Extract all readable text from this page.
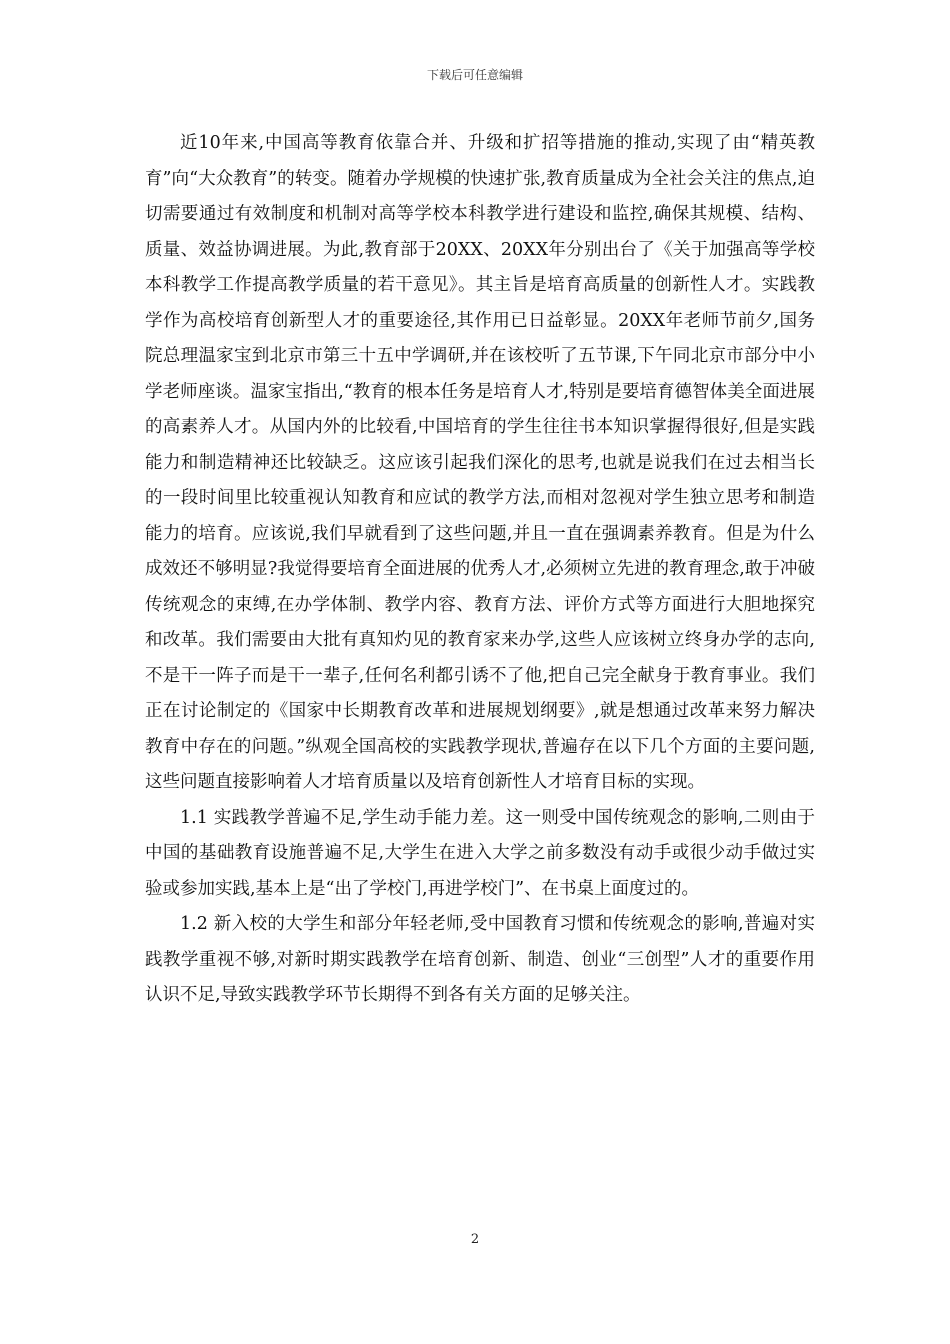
下载后可任意编辑

近10年来,中国高等教育依靠合并、升级和扩招等措施的推动,实现了由“精英教育”向“大众教育”的转变。随着办学规模的快速扩张,教育质量成为全社会关注的焦点,迫切需要通过有效制度和机制对高等学校本科教学进行建设和监控,确保其规模、结构、质量、效益协调进展。为此,教育部于20XX、20XX年分别出台了《关于加强高等学校本科教学工作提高教学质量的若干意见》。其主旨是培育高质量的创新性人才。实践教学作为高校培育创新型人才的重要途径,其作用已日益彰显。20XX年老师节前夕,国务院总理温家宝到北京市第三十五中学调研,并在该校听了五节课,下午同北京市部分中小学老师座谈。温家宝指出,“教育的根本任务是培育人才,特别是要培育德智体美全面进展的高素养人才。从国内外的比较看,中国培育的学生往往书本知识掌握得很好,但是实践能力和制造精神还比较缺乏。这应该引起我们深化的思考,也就是说我们在过去相当长的一段时间里比较重视认知教育和应试的教学方法,而相对忽视对学生独立思考和制造能力的培育。应该说,我们早就看到了这些问题,并且一直在强调素养教育。但是为什么成效还不够明显?我觉得要培育全面进展的优秀人才,必须树立先进的教育理念,敢于冲破传统观念的束缚,在办学体制、教学内容、教育方法、评价方式等方面进行大胆地探究和改革。我们需要由大批有真知灼见的教育家来办学,这些人应该树立终身办学的志向,不是干一阵子而是干一辈子,任何名利都引诱不了他,把自己完全献身于教育事业。我们正在讨论制定的《国家中长期教育改革和进展规划纲要》,就是想通过改革来努力解决教育中存在的问题。”纵观全国高校的实践教学现状,普遍存在以下几个方面的主要问题,这些问题直接影响着人才培育质量以及培育创新性人才培育目标的实现。

1.1 实践教学普遍不足,学生动手能力差。这一则受中国传统观念的影响,二则由于中国的基础教育设施普遍不足,大学生在进入大学之前多数没有动手或很少动手做过实验或参加实践,基本上是“出了学校门,再进学校门”、在书桌上面度过的。

1.2 新入校的大学生和部分年轻老师,受中国教育习惯和传统观念的影响,普遍对实践教学重视不够,对新时期实践教学在培育创新、制造、创业“三创型”人才的重要作用认识不足,导致实践教学环节长期得不到各有关方面的足够关注。

2
